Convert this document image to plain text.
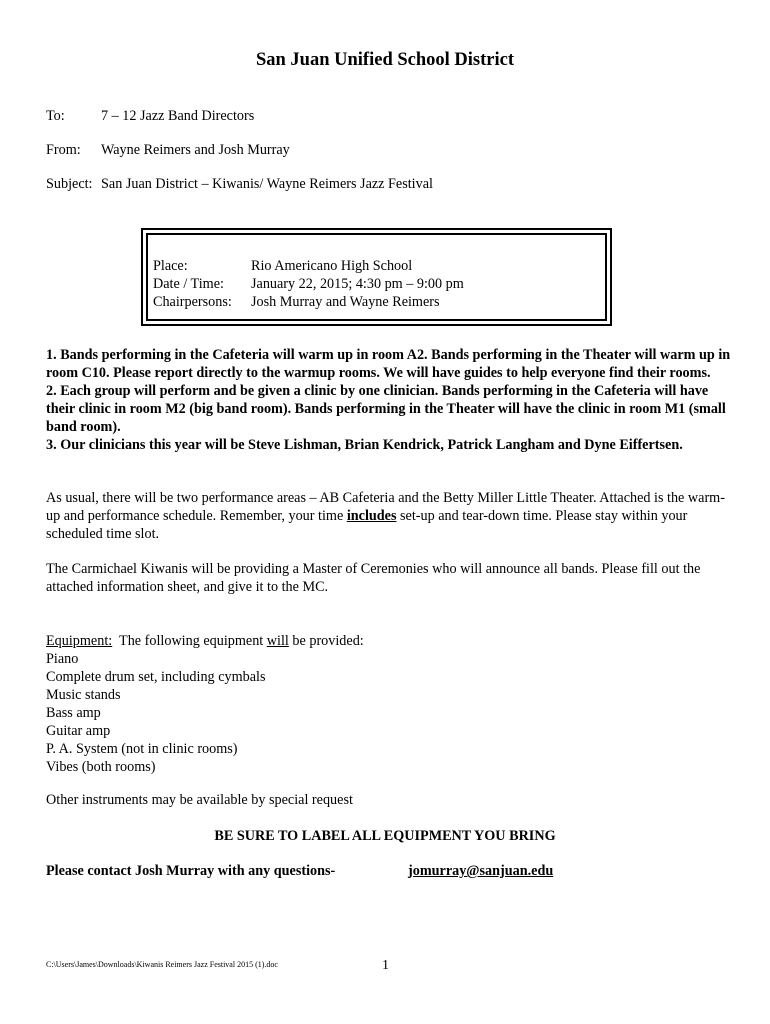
San Juan Unified School District
To:	7 – 12 Jazz Band Directors
From: Wayne Reimers and Josh Murray
Subject: San Juan District – Kiwanis/ Wayne Reimers Jazz Festival
Place:	Rio Americano High School
Date / Time: January 22, 2015; 4:30 pm – 9:00 pm
Chairpersons: Josh Murray and Wayne Reimers
1. Bands performing in the Cafeteria will warm up in room A2. Bands performing in the Theater will warm up in room C10. Please report directly to the warmup rooms. We will have guides to help everyone find their rooms.
2. Each group will perform and be given a clinic by one clinician. Bands performing in the Cafeteria will have their clinic in room M2 (big band room). Bands performing in the Theater will have the clinic in room M1 (small band room).
3. Our clinicians this year will be Steve Lishman, Brian Kendrick, Patrick Langham and Dyne Eiffertsen.
As usual, there will be two performance areas – AB Cafeteria and the Betty Miller Little Theater. Attached is the warm-up and performance schedule. Remember, your time includes set-up and tear-down time. Please stay within your scheduled time slot.
The Carmichael Kiwanis will be providing a Master of Ceremonies who will announce all bands. Please fill out the attached information sheet, and give it to the MC.
Equipment:  The following equipment will be provided:
Piano
Complete drum set, including cymbals
Music stands
Bass amp
Guitar amp
P. A. System (not in clinic rooms)
Vibes (both rooms)
Other instruments may be available by special request
BE SURE TO LABEL ALL EQUIPMENT YOU BRING
Please contact Josh Murray with any questions-	jomurray@sanjuan.edu
C:\Users\James\Downloads\Kiwanis Reimers Jazz Festival 2015 (1).doc	1
